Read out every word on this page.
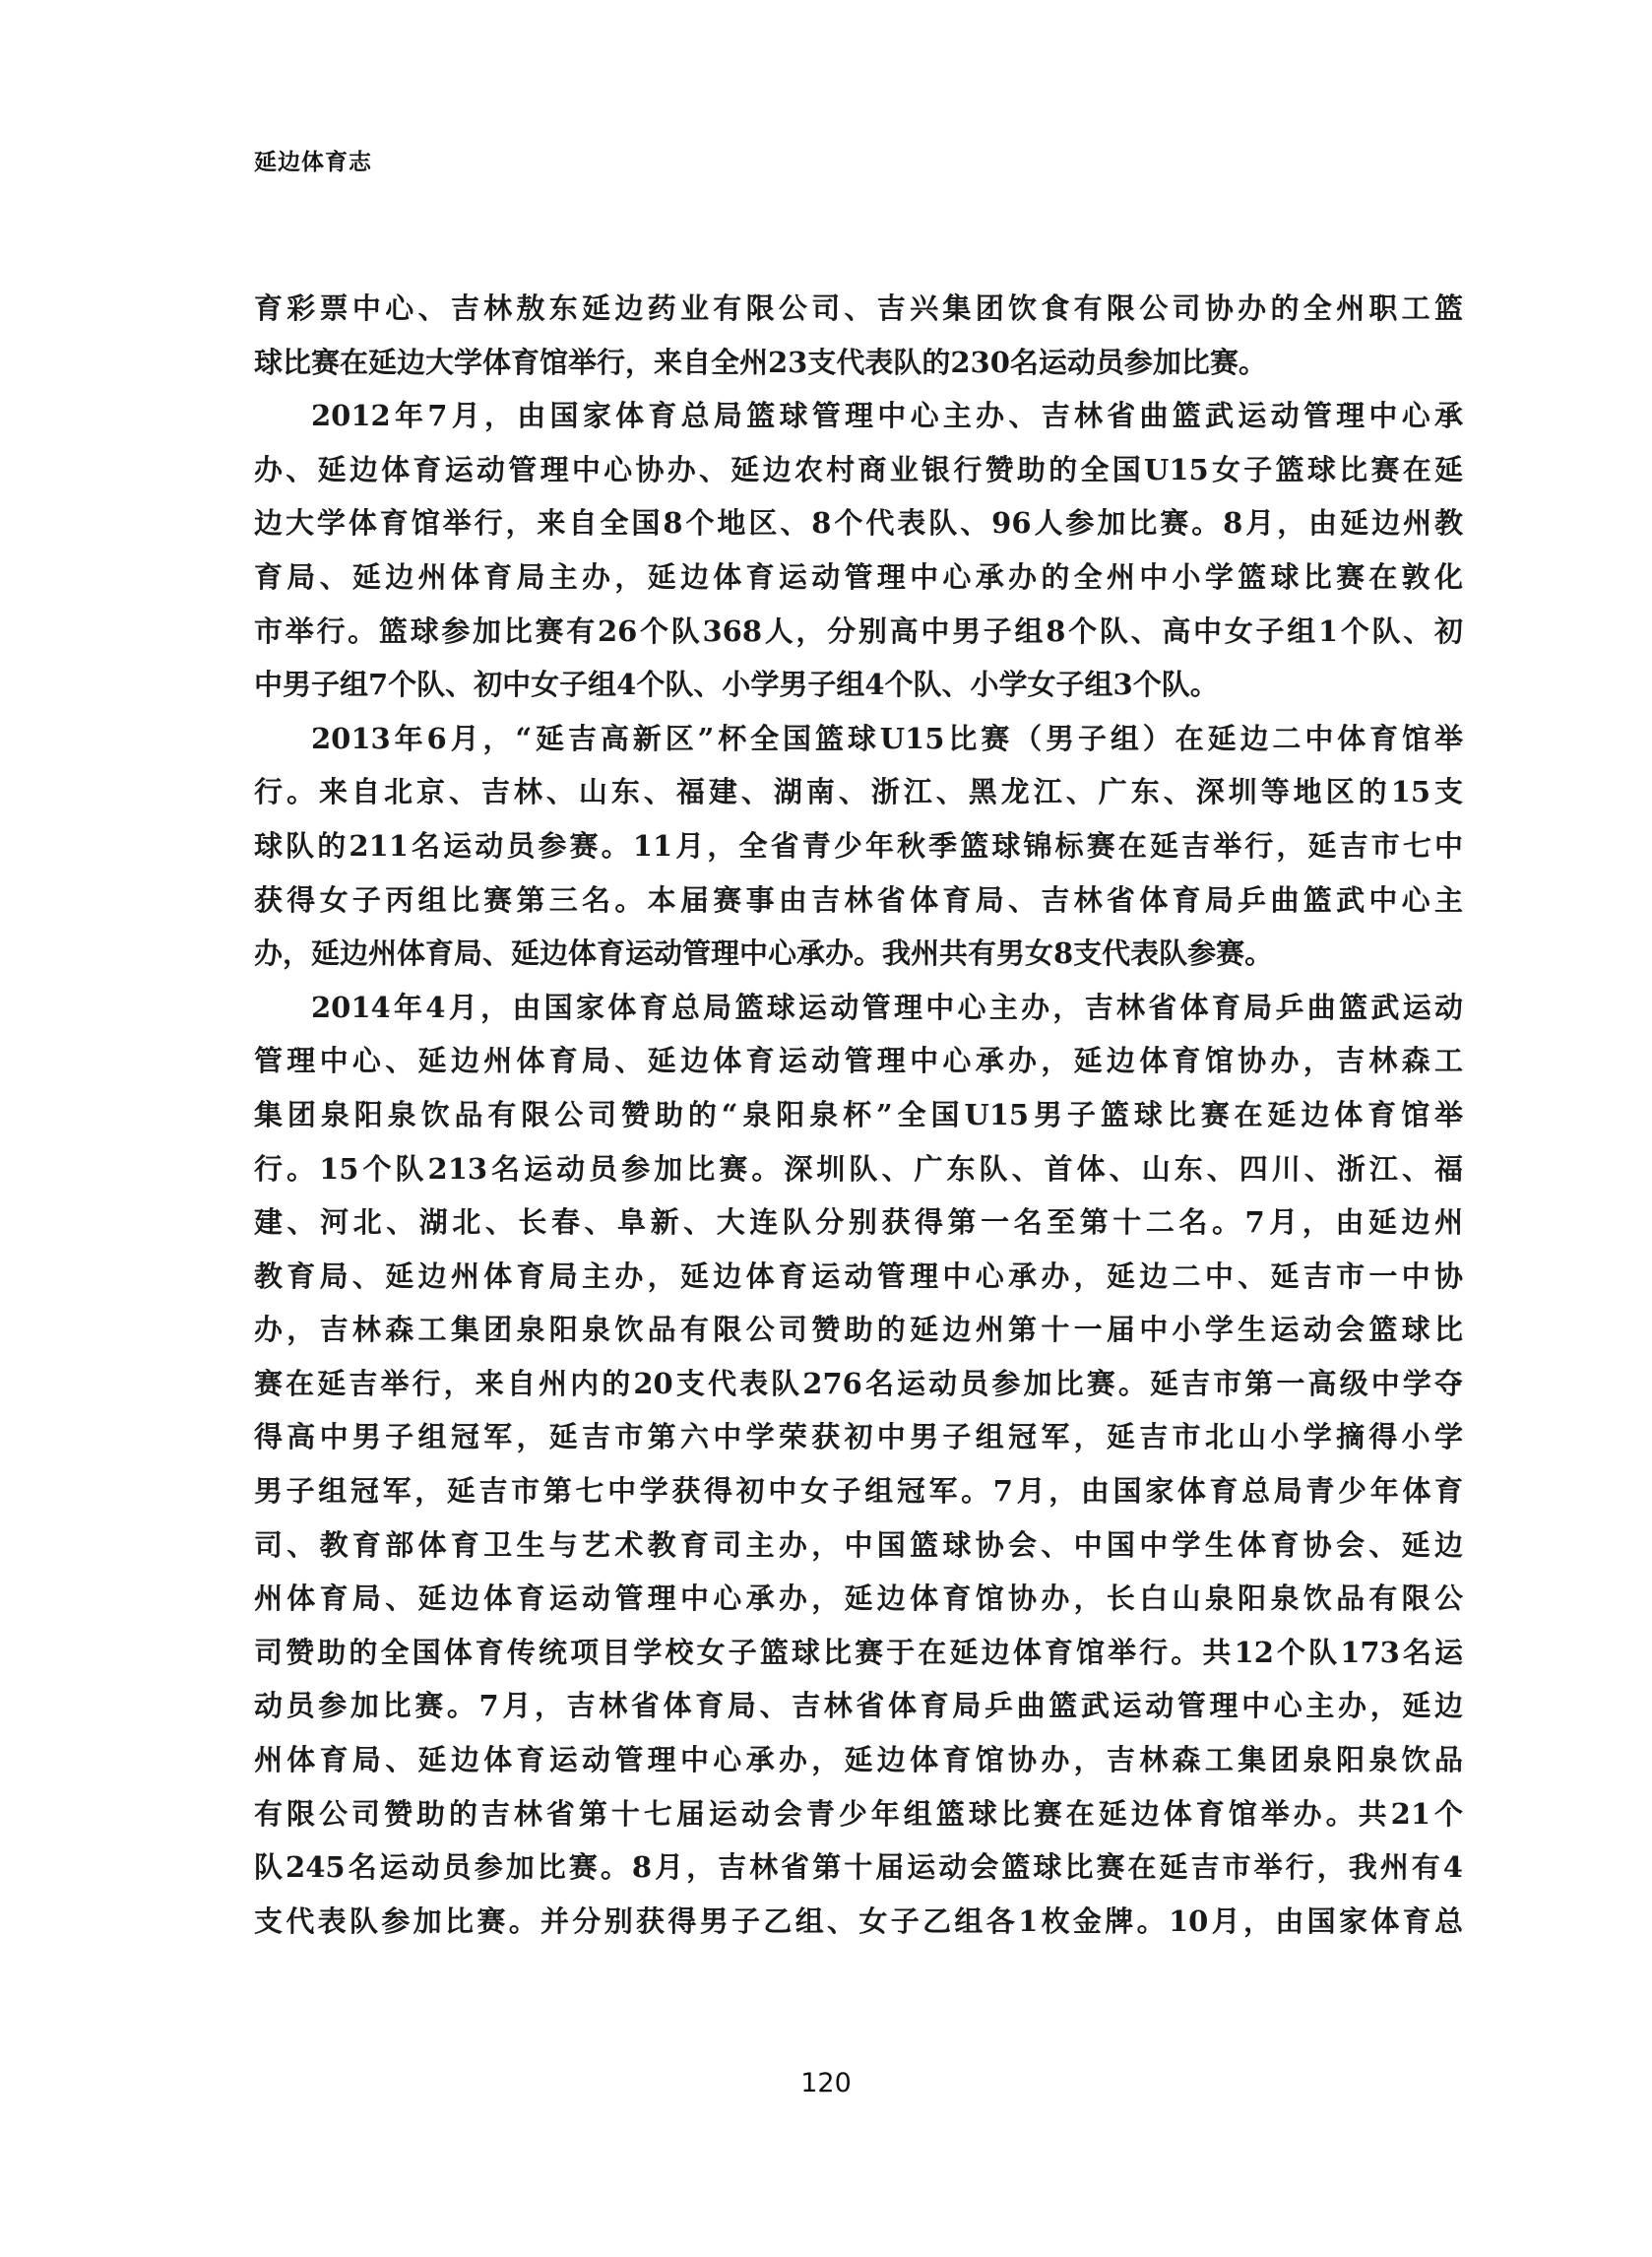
延边体育志
育彩票中心、吉林敖东延边药业有限公司、吉兴集团饮食有限公司协办的全州职工篮
球比赛在延边大学体育馆举行，来自全州23支代表队的230名运动员参加比赛。
2012年7月，由国家体育总局篮球管理中心主办、吉林省曲篮武运动管理中心承
办、延边体育运动管理中心协办、延边农村商业银行赞助的全国U15女子篮球比赛在延
边大学体育馆举行，来自全国8个地区、8个代表队、96人参加比赛。8月，由延边州教
育局、延边州体育局主办，延边体育运动管理中心承办的全州中小学篮球比赛在敦化
市举行。篮球参加比赛有26个队368人，分别高中男子组8个队、高中女子组1个队、初
中男子组7个队、初中女子组4个队、小学男子组4个队、小学女子组3个队。
2013年6月，“延吉高新区”杯全国篮球U15比赛（男子组）在延边二中体育馆举
行。来自北京、吉林、山东、福建、湖南、浙江、黑龙江、广东、深圳等地区的15支
球队的211名运动员参赛。11月，全省青少年秋季篮球锦标赛在延吉举行，延吉市七中
获得女子丙组比赛第三名。本届赛事由吉林省体育局、吉林省体育局乒曲篮武中心主
办，延边州体育局、延边体育运动管理中心承办。我州共有男女8支代表队参赛。
2014年4月，由国家体育总局篮球运动管理中心主办，吉林省体育局乒曲篮武运动
管理中心、延边州体育局、延边体育运动管理中心承办，延边体育馆协办，吉林森工
集团泉阳泉饮品有限公司赞助的“泉阳泉杯”全国U15男子篮球比赛在延边体育馆举
行。15个队213名运动员参加比赛。深圳队、广东队、首体、山东、四川、浙江、福
建、河北、湖北、长春、阜新、大连队分别获得第一名至第十二名。7月，由延边州
教育局、延边州体育局主办，延边体育运动管理中心承办，延边二中、延吉市一中协
办，吉林森工集团泉阳泉饮品有限公司赞助的延边州第十一届中小学生运动会篮球比
赛在延吉举行，来自州内的20支代表队276名运动员参加比赛。延吉市第一高级中学夺
得高中男子组冠军，延吉市第六中学荣获初中男子组冠军，延吉市北山小学摘得小学
男子组冠军，延吉市第七中学获得初中女子组冠军。7月，由国家体育总局青少年体育
司、教育部体育卫生与艺术教育司主办，中国篮球协会、中国中学生体育协会、延边
州体育局、延边体育运动管理中心承办，延边体育馆协办，长白山泉阳泉饮品有限公
司赞助的全国体育传统项目学校女子篮球比赛于在延边体育馆举行。共12个队173名运
动员参加比赛。7月，吉林省体育局、吉林省体育局乒曲篮武运动管理中心主办，延边
州体育局、延边体育运动管理中心承办，延边体育馆协办，吉林森工集团泉阳泉饮品
有限公司赞助的吉林省第十七届运动会青少年组篮球比赛在延边体育馆举办。共21个
队245名运动员参加比赛。8月，吉林省第十届运动会篮球比赛在延吉市举行，我州有4
支代表队参加比赛。并分别获得男子乙组、女子乙组各1枚金牌。10月，由国家体育总
120
